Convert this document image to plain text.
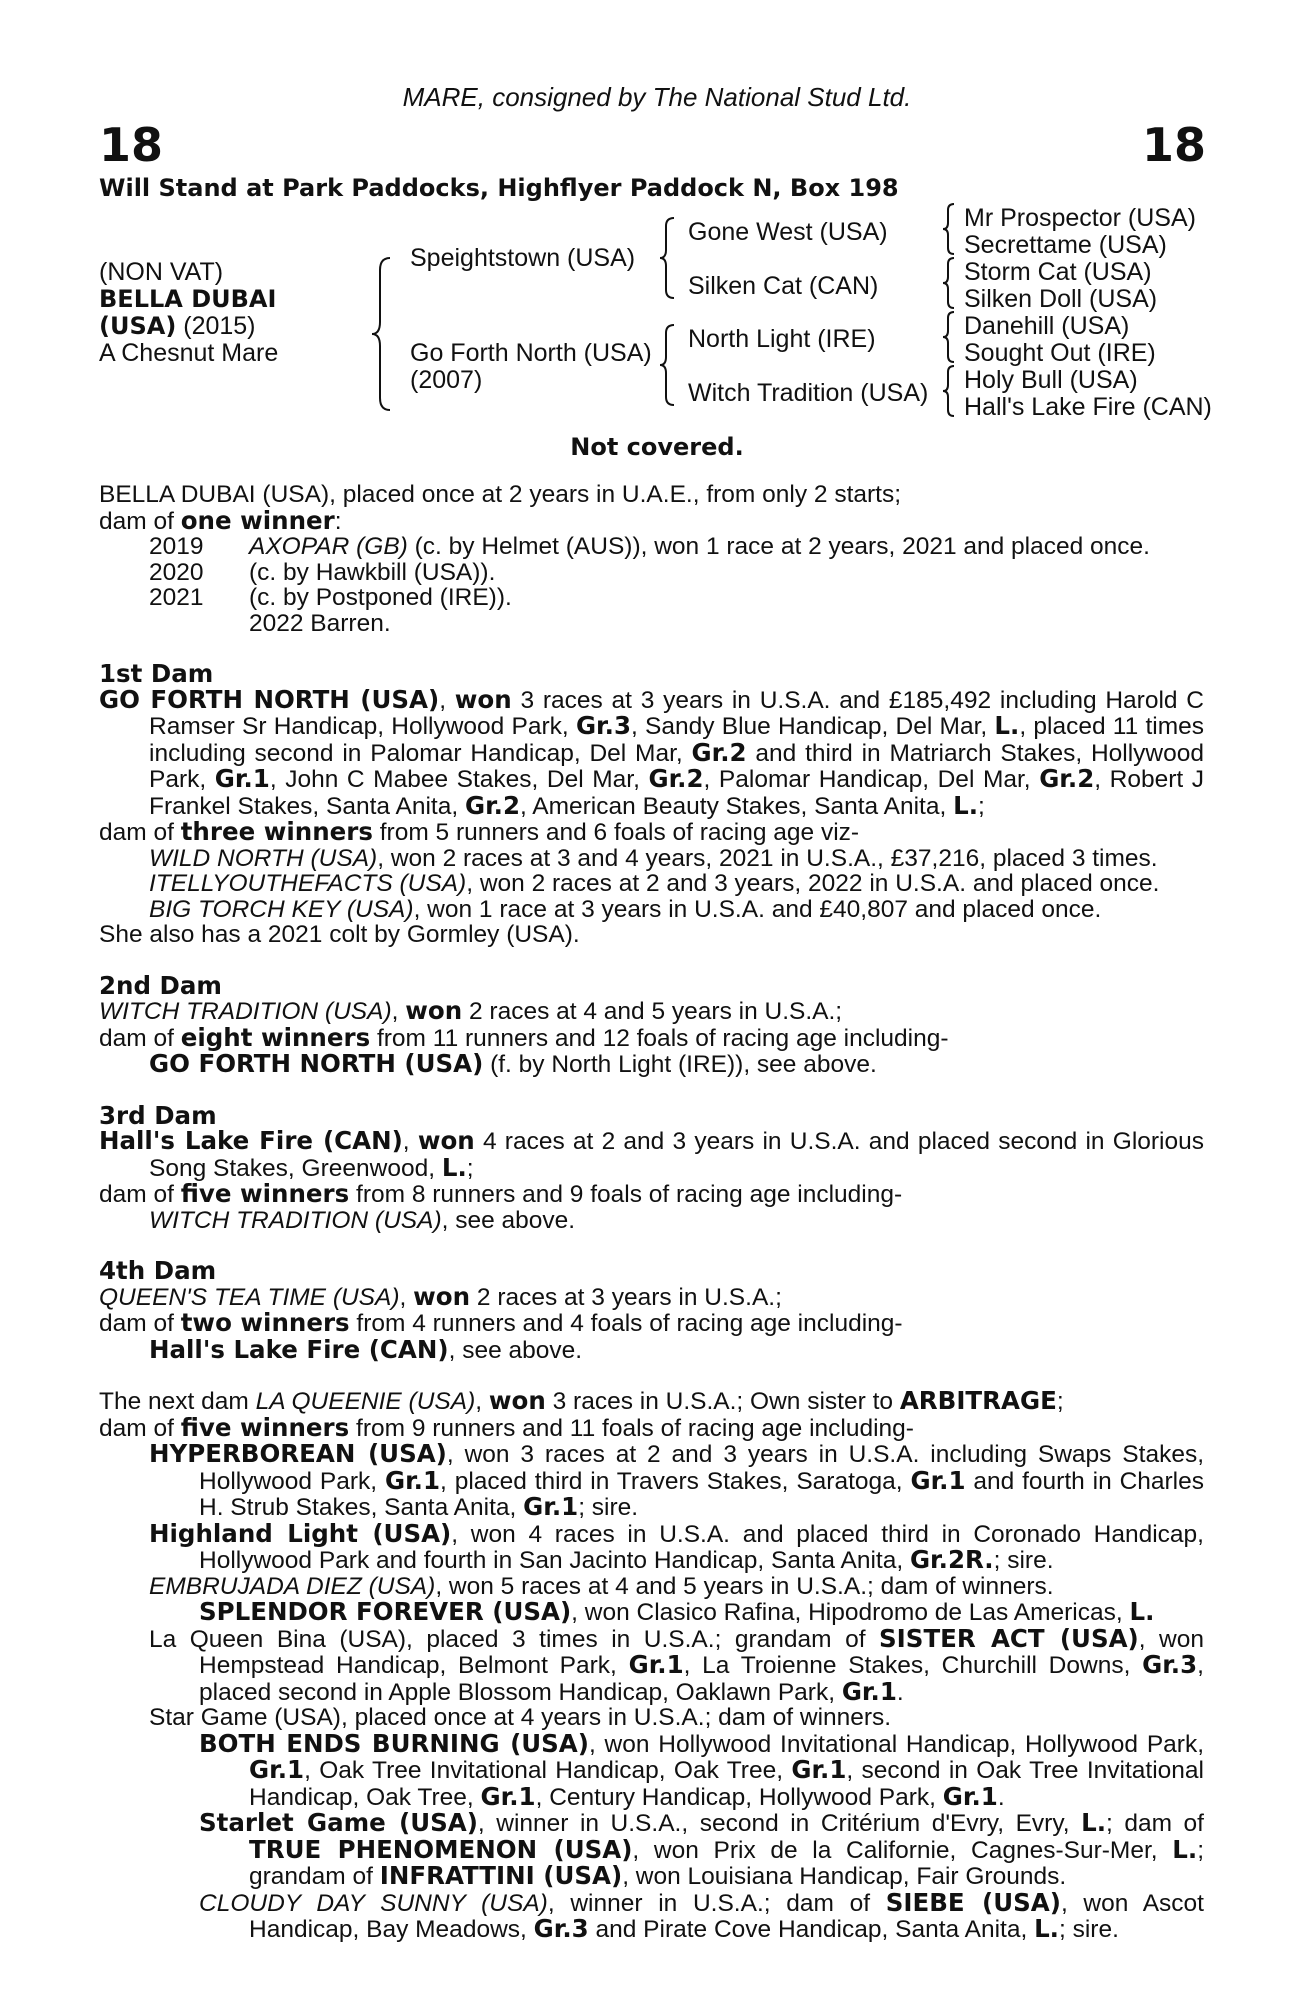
MARE, consigned by The National Stud Ltd.
18	18
Will Stand at Park Paddocks, Highflyer Paddock N, Box 198
(NON VAT)
BELLA DUBAI
(USA) (2015)
A Chesnut Mare
Speightstown (USA)
Go Forth North (USA)
(2007)
Gone West (USA)
Silken Cat (CAN)
North Light (IRE)
Witch Tradition (USA)
Mr Prospector (USA)
Secrettame (USA)
Storm Cat (USA)
Silken Doll (USA)
Danehill (USA)
Sought Out (IRE)
Holy Bull (USA)
Hall's Lake Fire (CAN)
Not covered.

BELLA DUBAI (USA), placed once at 2 years in U.A.E., from only 2 starts;

dam of one winner:

2019 AXOPAR (GB) (c. by Helmet (AUS)), won 1 race at 2 years, 2021 and placed once.

2020 (c. by Hawkbill (USA)).

2021 (c. by Postponed (IRE)).

2022 Barren.

1st Dam

GO FORTH NORTH (USA), won 3 races at 3 years in U.S.A. and £185,492 including Harold C Ramser Sr Handicap, Hollywood Park, Gr.3, Sandy Blue Handicap, Del Mar, L., placed 11 times including second in Palomar Handicap, Del Mar, Gr.2 and third in Matriarch Stakes, Hollywood Park, Gr.1, John C Mabee Stakes, Del Mar, Gr.2, Palomar Handicap, Del Mar, Gr.2, Robert J Frankel Stakes, Santa Anita, Gr.2, American Beauty Stakes, Santa Anita, L.;

dam of three winners from 5 runners and 6 foals of racing age viz-

WILD NORTH (USA), won 2 races at 3 and 4 years, 2021 in U.S.A., £37,216, placed 3 times.

ITELLYOUTHEFACTS (USA), won 2 races at 2 and 3 years, 2022 in U.S.A. and placed once.

BIG TORCH KEY (USA), won 1 race at 3 years in U.S.A. and £40,807 and placed once.

She also has a 2021 colt by Gormley (USA).

2nd Dam

WITCH TRADITION (USA), won 2 races at 4 and 5 years in U.S.A.;

dam of eight winners from 11 runners and 12 foals of racing age including-

GO FORTH NORTH (USA) (f. by North Light (IRE)), see above.

3rd Dam

Hall's Lake Fire (CAN), won 4 races at 2 and 3 years in U.S.A. and placed second in Glorious Song Stakes, Greenwood, L.;

dam of five winners from 8 runners and 9 foals of racing age including-

WITCH TRADITION (USA), see above.

4th Dam

QUEEN'S TEA TIME (USA), won 2 races at 3 years in U.S.A.;

dam of two winners from 4 runners and 4 foals of racing age including-

Hall's Lake Fire (CAN), see above.

The next dam LA QUEENIE (USA), won 3 races in U.S.A.; Own sister to ARBITRAGE;

dam of five winners from 9 runners and 11 foals of racing age including-

HYPERBOREAN (USA), won 3 races at 2 and 3 years in U.S.A. including Swaps Stakes, Hollywood Park, Gr.1, placed third in Travers Stakes, Saratoga, Gr.1 and fourth in Charles H. Strub Stakes, Santa Anita, Gr.1; sire.

Highland Light (USA), won 4 races in U.S.A. and placed third in Coronado Handicap, Hollywood Park and fourth in San Jacinto Handicap, Santa Anita, Gr.2R.; sire.

EMBRUJADA DIEZ (USA), won 5 races at 4 and 5 years in U.S.A.; dam of winners.

SPLENDOR FOREVER (USA), won Clasico Rafina, Hipodromo de Las Americas, L.

La Queen Bina (USA), placed 3 times in U.S.A.; grandam of SISTER ACT (USA), won Hempstead Handicap, Belmont Park, Gr.1, La Troienne Stakes, Churchill Downs, Gr.3, placed second in Apple Blossom Handicap, Oaklawn Park, Gr.1.

Star Game (USA), placed once at 4 years in U.S.A.; dam of winners.

BOTH ENDS BURNING (USA), won Hollywood Invitational Handicap, Hollywood Park, Gr.1, Oak Tree Invitational Handicap, Oak Tree, Gr.1, second in Oak Tree Invitational Handicap, Oak Tree, Gr.1, Century Handicap, Hollywood Park, Gr.1.

Starlet Game (USA), winner in U.S.A., second in Critérium d'Evry, Evry, L.; dam of TRUE PHENOMENON (USA), won Prix de la Californie, Cagnes-Sur-Mer, L.; grandam of INFRATTINI (USA), won Louisiana Handicap, Fair Grounds.

CLOUDY DAY SUNNY (USA), winner in U.S.A.; dam of SIEBE (USA), won Ascot Handicap, Bay Meadows, Gr.3 and Pirate Cove Handicap, Santa Anita, L.; sire.
